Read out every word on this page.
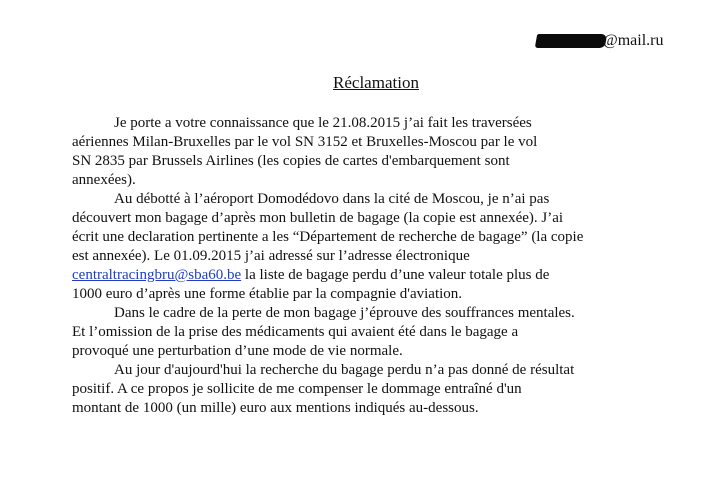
@mail.ru
Réclamation
Je porte a votre connaissance que le 21.08.2015 j’ai fait les traversées
aériennes Milan-Bruxelles par le vol SN 3152 et Bruxelles-Moscou par le vol
SN 2835 par Brussels Airlines (les copies de cartes d'embarquement sont
annexées).
Au débotté à l’aéroport Domodédovo dans la cité de Moscou, je n’ai pas
découvert mon bagage d’après mon bulletin de bagage (la copie est annexée). J’ai
écrit une declaration pertinente a les “Département de recherche de bagage” (la copie
est annexée). Le 01.09.2015 j’ai adressé sur l’adresse électronique
centraltracingbru@sba60.be la liste de bagage perdu d’une valeur totale plus de
1000 euro d’après une forme établie par la compagnie d'aviation.
Dans le cadre de la perte de mon bagage j’éprouve des souffrances mentales.
Et l’omission de la prise des médicaments qui avaient été dans le bagage a
provoqué une perturbation d’une mode de vie normale.
Au jour d'aujourd'hui la recherche du bagage perdu n’a pas donné de résultat
positif. A ce propos je sollicite de me compenser le dommage entraîné d'un
montant de 1000 (un mille) euro aux mentions indiqués au-dessous.
